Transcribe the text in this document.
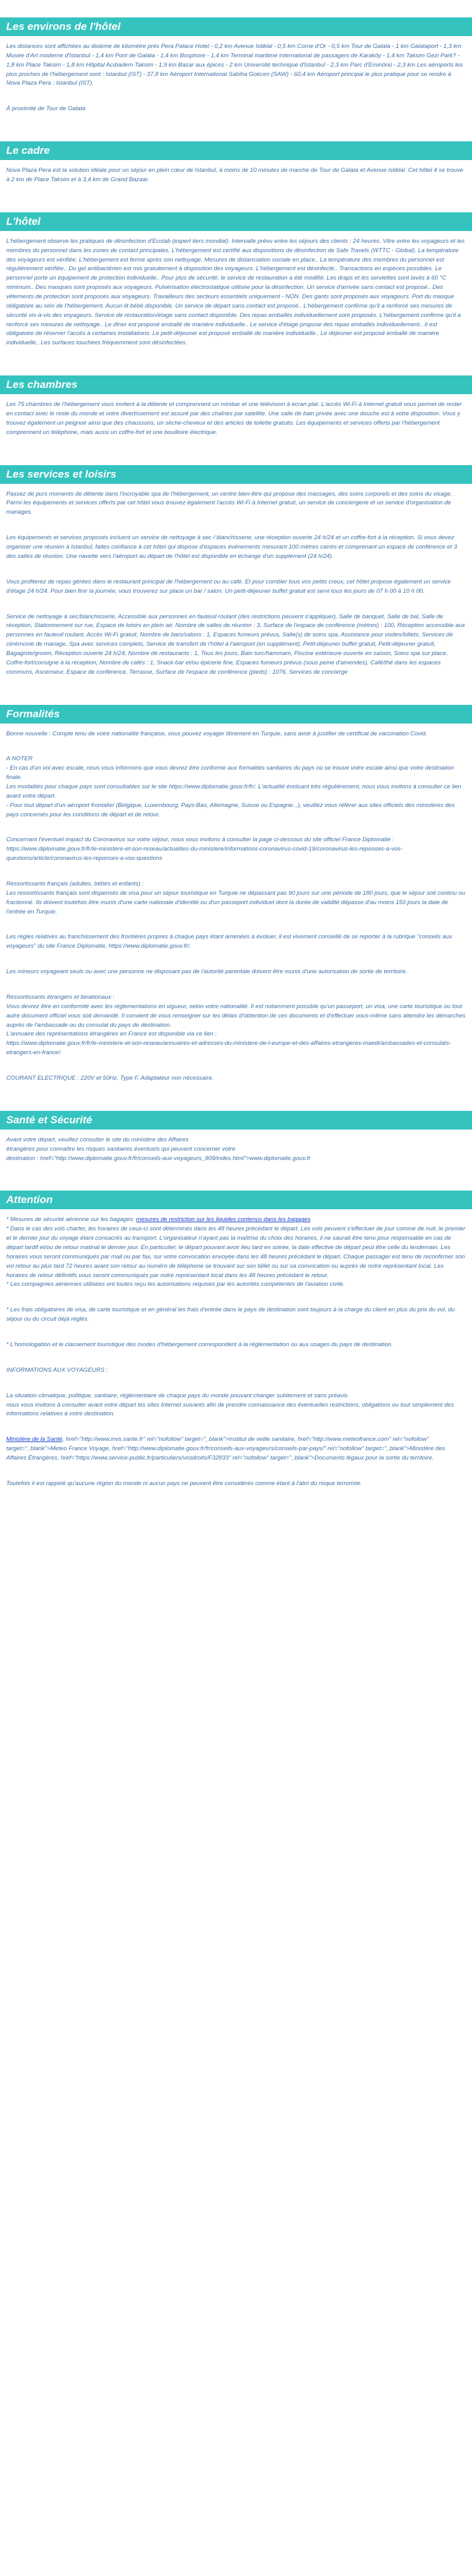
Les environs de l'hôtel

Les distances sont affichées au dixième de kilomètre près Pera Palace Hotel - 0,2 km Avenue Istiklal - 0,5 km Corne d'Or - 0,5 km Tour de Galata - 1 km Galataport - 1,3 km Musée d'Art moderne d'Istanbul - 1,4 km Pont de Galata - 1,4 km Bosphore - 1,4 km Terminal maritime international de passagers de Karaköy - 1,4 km Taksim Gezi Park? - 1,8 km Place Taksim - 1,8 km Hôpital Acıbadem Taksim - 1,9 km Bazar aux épices - 2 km Université technique d'Istanbul - 2,3 km Parc d'Eminönü - 2,3 km Les aéroports les plus proches de l'hébergement sont : Istanbul (IST) - 37,8 km Aéroport International Sabiha Gokcen (SAW) - 60,4 km Aéroport principal le plus pratique pour se rendre à Nova Plaza Pera : Istanbul (IST).

À proximité de Tour de Galata

Le cadre

Nova Plaza Pera est la solution idéale pour un séjour en plein cœur de Istanbul, à moins de 10 minutes de marche de Tour de Galata et Avenue Istiklal. Cet hôtel 4 se trouve à 2 km de Place Taksim et à 3,4 km de Grand Bazaar.

L'hôtel

L'hébergement observe les pratiques de désinfection d'Ecolab (expert tiers mondial). Intervalle prévu entre les séjours des clients : 24 heures. Vitre entre les voyageurs et les membres du personnel dans les zones de contact principales. L'hébergement est certifié aux dispositions de désinfection de Safe Travels (WTTC - Global). La température des voyageurs est vérifiée. L'hébergement est fermé après son nettoyage. Mesures de distanciation sociale en place.. La température des membres du personnel est régulièrement vérifiée.. Du gel antibactérien est mis gratuitement à disposition des voyageurs. L'hébergement est désinfecté.. Transactions en espèces possibles. Le personnel porte un équipement de protection individuelle.. Pour plus de sécurité, le service de restauration a été modifié. Les draps et les serviettes sont lavés à 60 °C minimum.. Des masques sont proposés aux voyageurs. Pulvérisation électrostatique utilisée pour la désinfection. Un service d'arrivée sans contact est proposé.. Des vêtements de protection sont proposés aux voyageurs. Travailleurs des secteurs essentiels uniquement - NON. Des gants sont proposés aux voyageurs. Port du masque obligatoire au sein de l'hébergement. Aucun lit bébé disponible. Un service de départ sans contact est proposé.. L'hébergement confirme qu'il a renforcé ses mesures de sécurité vis-à-vis des voyageurs. Service de restauration/étage sans contact disponible. Des repas emballés individuellement sont proposés. L'hébergement confirme qu'il a renforcé ses mesures de nettoyage.. Le dîner est proposé emballé de manière individuelle.. Le service d'étage propose des repas emballés individuellement.. Il est obligatoire de réserver l'accès à certaines installations. Le petit-déjeuner est proposé emballé de manière individuelle.. Le déjeuner est proposé emballé de manière individuelle.. Les surfaces touchées fréquemment sont désinfectées.

Les chambres

Les 75 chambres de l'hébergement vous invitent à la détente et comprennent un minibar et une télévision à écran plat. L'accès Wi-Fi à Internet gratuit vous permet de rester en contact avec le reste du monde et votre divertissement est assuré par des chaînes par satellite. Une salle de bain privée avec une douche est à votre disposition. Vous y trouvez également un peignoir ainsi que des chaussons, un sèche-cheveux et des articles de toilette gratuits. Les équipements et services offerts par l'hébergement comprennent un téléphone, mais aussi un coffre-fort et une bouilloire électrique.

Les services et loisirs

Passez de purs moments de détente dans l'incroyable spa de l'hébergement, un centre bien-être qui propose des massages, des soins corporels et des soins du visage. Parmi les équipements et services offerts par cet hôtel vous trouvez également l'accès Wi-Fi à Internet gratuit, un service de conciergerie et un service d'organisation de mariages.

Les équipements et services proposés incluent un service de nettoyage à sec / blanchisserie, une réception ouverte 24 h/24 et un coffre-fort à la réception. Si vous devez organiser une réunion à Istanbul, faites confiance à cet hôtel qui dispose d'espaces événements mesurant 100 mètres carrés et comprenant un espace de conférence et 3 des salles de réunion. Une navette vers l'aéroport au départ de l'hôtel est disponible en échange d'un supplément (24 h/24).

Vous profiterez de repas gérées dans le restaurant principal de l'hébergement ou au café. Et pour combler tous vos petits creux, cet hôtel propose également un service d'étage 24 h/24. Pour bien finir la journée, vous trouverez sur place un bar / salon. Un petit-déjeuner buffet gratuit est servi tous les jours de 07 h 00 à 10 h 00.

Service de nettoyage à sec/blanchisserie, Accessible aux personnes en fauteuil roulant (des restrictions peuvent s'appliquer), Salle de banquet, Salle de bal, Salle de réception, Stationnement sur rue, Espace de loisirs en plein air, Nombre de salles de réunion : 3, Surface de l'espace de conférence (mètres) : 100, Réception accessible aux personnes en fauteuil roulant, Accès Wi-Fi gratuit, Nombre de bars/salons : 1, Espaces fumeurs prévus, Salle(s) de soins spa, Assistance pour visites/billets, Services de cérémonie de mariage, Spa avec services complets, Service de transfert de l'hôtel à l'aéroport (en supplément), Petit-déjeuner buffet gratuit, Petit-déjeuner gratuit, Bagagiste/groom, Réception ouverte 24 h/24, Nombre de restaurants : 1, Tous les jours, Bain turc/hammam, Piscine extérieure ouverte en saison, Soins spa sur place, Coffre-fort/consigne à la réception, Nombre de cafés : 1, Snack-bar et/ou épicerie fine, Espaces fumeurs prévus (sous peine d'amendes), Café/thé dans les espaces communs, Ascenseur, Espace de conférence, Terrasse, Surface de l'espace de conférence (pieds) : 1076, Services de concierge

Formalités

Bonne nouvelle : Compte tenu de votre nationalité française, vous pouvez voyager librement en Turquie, sans avoir à justifier de certificat de vaccination Covid.

A NOTER
- En cas d'un vol avec escale, nous vous informons que vous devrez être conforme aux formalités sanitaires du pays où se trouve votre escale ainsi que votre destination finale.
Les modalités pour chaque pays sont consultables sur le site https://www.diplomatie.gouv.fr/fr/. L'actualité évoluant très régulièrement, nous vous invitons à consulter ce lien avant votre départ.
- Pour tout départ d'un aéroport frontalier (Belgique, Luxembourg, Pays-Bas, Allemagne, Suisse ou Espagne...), veuillez vous référer aux sites officiels des ministères des pays concernés pour les conditions de départ et de retour.

Concernant l'éventuel impact du Coronavirus sur votre séjour, nous vous invitons à consulter la page ci-dessous du site officiel France Diplomatie :
https://www.diplomatie.gouv.fr/fr/le-ministere-et-son-reseau/actualites-du-ministere/informations-coronavirus-covid-19/coronavirus-les-reponses-a-vos-questions/article/coronavirus-les-reponses-a-vos-questions

Ressortissants français (adultes, bébés et enfants) :
Les ressortissants français sont dispensés de visa pour un séjour touristique en Turquie ne dépassant pas 90 jours sur une période de 180 jours, que le séjour soit continu ou fractionné. Ils doivent toutefois être munis d'une carte nationale d'identité ou d'un passeport individuel dont la durée de validité dépasse d'au moins 150 jours la date de l'entrée en Turquie.

Les règles relatives au franchissement des frontières propres à chaque pays étant amenées à évoluer, il est vivement conseillé de se reporter à la rubrique "conseils aux voyageurs" du site France Diplomatie, https://www.diplomatie.gouv.fr/.

Les mineurs voyageant seuls ou avec une personne ne disposant pas de l'autorité parentale doivent être munis d'une autorisation de sortie de territoire.

Ressortissants étrangers et binationaux :
Vous devrez être en conformité avec les réglementations en vigueur, selon votre nationalité. Il est notamment possible qu'un passeport, un visa, une carte touristique ou tout autre document officiel vous soit demandé. Il convient de vous renseigner sur les délais d'obtention de ces documents et d'effectuer vous-même sans attendre les démarches auprès de l'ambassade ou du consulat du pays de destination.
L'annuaire des représentations étrangères en France est disponible via ce lien :
https://www.diplomatie.gouv.fr/fr/le-ministere-et-son-reseau/annuaires-et-adresses-du-ministere-de-l-europe-et-des-affaires-etrangeres-maedi/ambassades-et-consulats-etrangers-en-france/.

COURANT ELECTRIQUE : 220V et 50Hz, Type F. Adaptateur non nécessaire.

Santé et Sécurité

Avant votre départ, veuillez consulter le site du ministère des Affaires
étrangères pour connaître les risques sanitaires éventuels qui peuvent concerner votre
destination : href="http://www.diplomatie.gouv.fr/fr/conseils-aux-voyageurs_909/index.html">www.diplomatie.gouv.fr

Attention

* Mesures de sécurité aérienne sur les bagages: mesures de restriction sur les liquides contenus dans les bagages
* Dans le cas des vols charter, les horaires de ceux-ci sont déterminés dans les 48 heures précédant le départ. Les vols peuvent s'effectuer de jour comme de nuit, le premier et le dernier jour du voyage étant consacrés au transport. L'organisateur n'ayant pas la maîtrise du choix des horaires, il ne saurait être tenu pour responsable en cas de départ tardif et/ou de retour matinal le dernier jour. En particulier, le départ pouvant avoir lieu tard en soirée, la date effective de départ peut être celle du lendemain. Les horaires vous seront communiqués par mail ou par fax, sur votre convocation envoyée dans les 48 heures précédant le départ. Chaque passager est tenu de reconfirmer son vol retour au plus tard 72 heures avant son retour au numéro de téléphone se trouvant sur son billet ou sur sa convocation ou auprès de notre représentant local. Les horaires de retour définitifs vous seront communiqués par notre représentant local dans les 48 heures précédant le retour.
* Les compagnies aériennes utilisées ont toutes reçu les autorisations requises par les autorités compétentes de l'aviation civile.

* Les frais obligatoires de visa, de carte touristique et en général les frais d'entrée dans le pays de destination sont toujours à la charge du client en plus du prix du vol, du séjour ou du circuit déjà réglés.

* L'homologation et le classement touristique des modes d'hébergement correspondent à la réglementation ou aux usages du pays de destination.

INFORMATIONS AUX VOYAGEURS :

La situation climatique, politique, sanitaire, réglementaire de chaque pays du monde pouvant changer subitement et sans préavis
nous vous invitons à consulter avant votre départ les sites Internet suivants afin de prendre connaissance des éventuelles restrictions, obligations ou tout simplement des informations relatives à votre destination.

Ministère de la Santé, href="http://www.invs.sante.fr" rel="nofollow" target="_blank">Institut de veille sanitaire, href="http://www.meteofrance.com" rel="nofollow" target="_blank">Meteo France Voyage, href="http://www.diplomatie.gouv.fr/fr/conseils-aux-voyageurs/conseils-par-pays/" rel="nofollow" target="_blank">Ministère des Affaires Étrangères, href="https://www.service-public.fr/particuliers/vosdroits/F32833" rel="nofollow" target="_blank">Documents légaux pour la sortie du territoire.

Toutefois il est rappelé qu'aucune région du monde ni aucun pays ne peuvent être considérés comme étant à l'abri du risque terroriste.
